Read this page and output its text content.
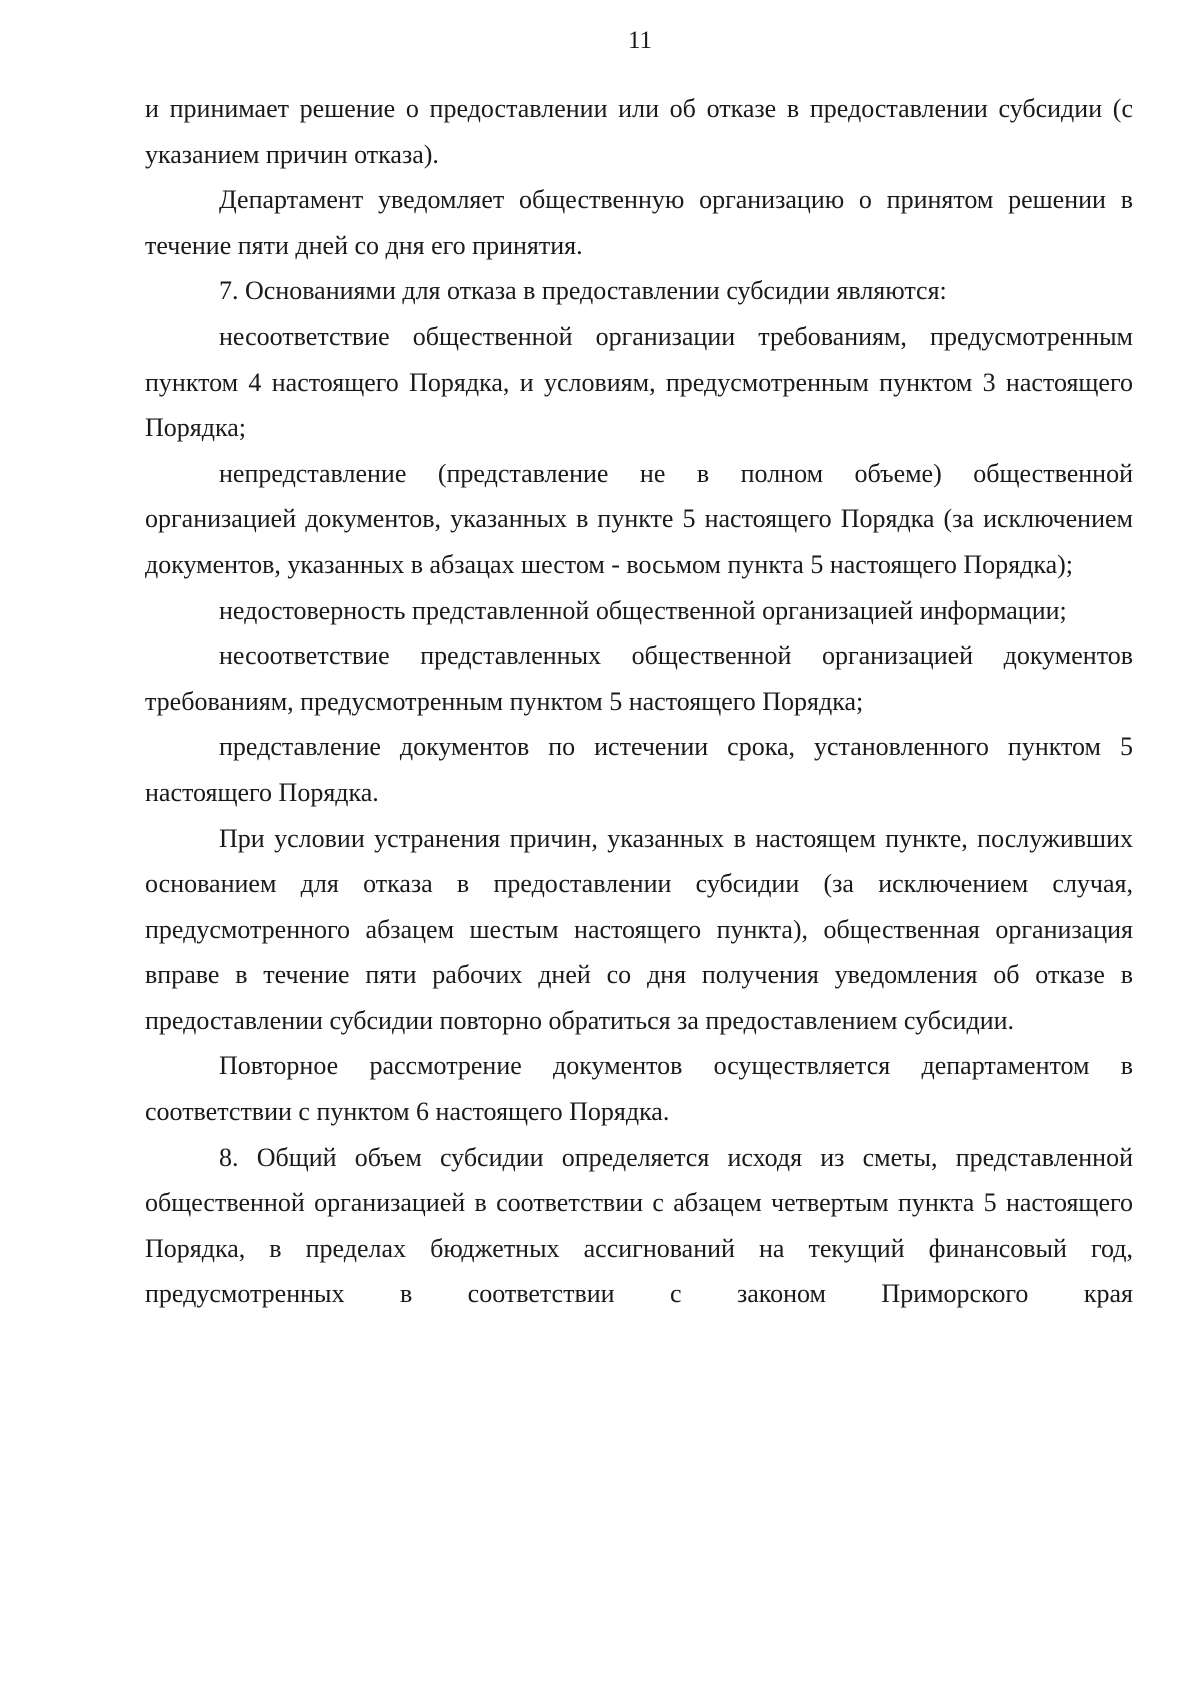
11

и принимает решение о предоставлении или об отказе в предоставлении субсидии (с указанием причин отказа).

Департамент уведомляет общественную организацию о принятом решении в течение пяти дней со дня его принятия.

7. Основаниями для отказа в предоставлении субсидии являются:

несоответствие общественной организации требованиям, предусмотренным пунктом 4 настоящего Порядка, и условиям, предусмотренным пунктом 3 настоящего Порядка;

непредставление (представление не в полном объеме) общественной организацией документов, указанных в пункте 5 настоящего Порядка (за исключением документов, указанных в абзацах шестом - восьмом пункта 5 настоящего Порядка);

недостоверность представленной общественной организацией информации;

несоответствие представленных общественной организацией документов требованиям, предусмотренным пунктом 5 настоящего Порядка;

представление документов по истечении срока, установленного пунктом 5 настоящего Порядка.

При условии устранения причин, указанных в настоящем пункте, послуживших основанием для отказа в предоставлении субсидии (за исключением случая, предусмотренного абзацем шестым настоящего пункта), общественная организация вправе в течение пяти рабочих дней со дня получения уведомления об отказе в предоставлении субсидии повторно обратиться за предоставлением субсидии.

Повторное рассмотрение документов осуществляется департаментом в соответствии с пунктом 6 настоящего Порядка.

8. Общий объем субсидии определяется исходя из сметы, представленной общественной организацией в соответствии с абзацем четвертым пункта 5 настоящего Порядка, в пределах бюджетных ассигнований на текущий финансовый год, предусмотренных в соответствии с законом Приморского края
